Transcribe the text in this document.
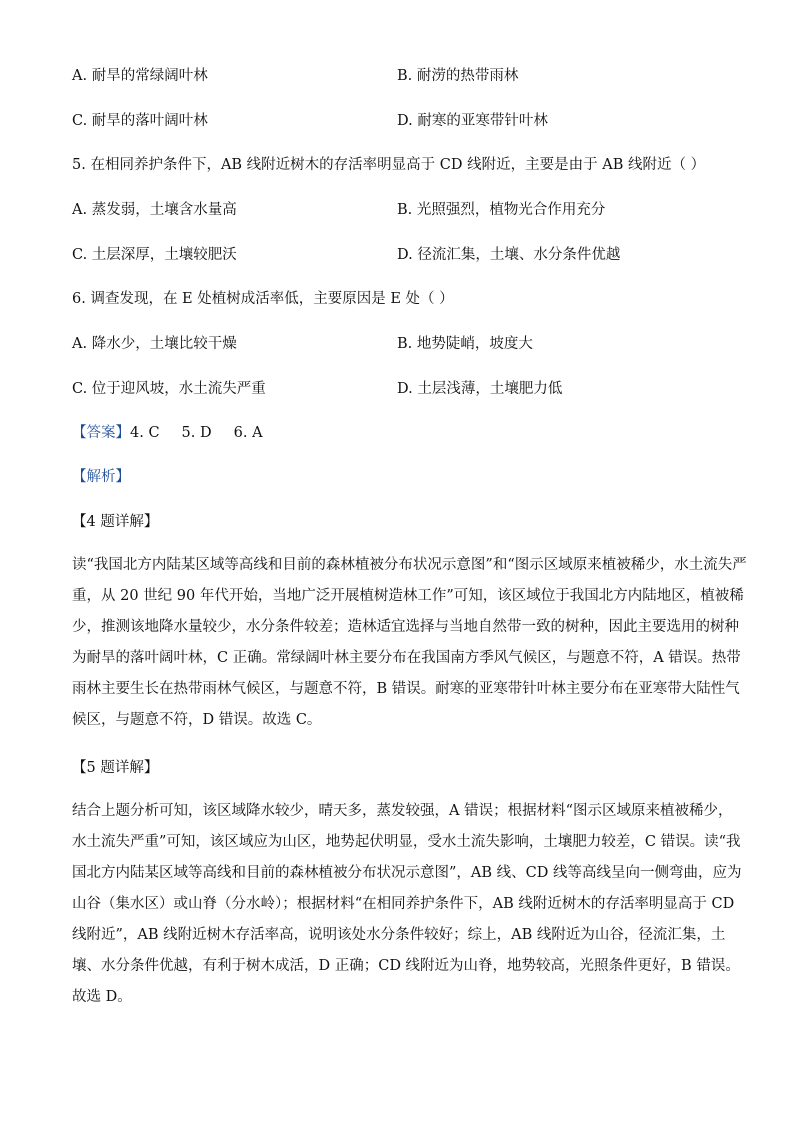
A. 耐旱的常绿阔叶林	B. 耐涝的热带雨林
C. 耐旱的落叶阔叶林	D. 耐寒的亚寒带针叶林
5. 在相同养护条件下，AB 线附近树木的存活率明显高于 CD 线附近，主要是由于 AB 线附近（ ）
A. 蒸发弱，土壤含水量高	B. 光照强烈，植物光合作用充分
C. 土层深厚，土壤较肥沃	D. 径流汇集，土壤、水分条件优越
6. 调查发现，在 E 处植树成活率低，主要原因是 E 处（ ）
A. 降水少，土壤比较干燥	B. 地势陡峭，坡度大
C. 位于迎风坡，水土流失严重	D. 土层浅薄，土壤肥力低
【答案】4. C 5. D 6. A
【解析】
【4 题详解】
读“我国北方内陆某区域等高线和目前的森林植被分布状况示意图”和“图示区域原来植被稀少，水土流失严
重，从 20 世纪 90 年代开始，当地广泛开展植树造林工作”可知，该区域位于我国北方内陆地区，植被稀
少，推测该地降水量较少，水分条件较差；造林适宜选择与当地自然带一致的树种，因此主要选用的树种
为耐旱的落叶阔叶林，C 正确。常绿阔叶林主要分布在我国南方季风气候区，与题意不符，A 错误。热带
雨林主要生长在热带雨林气候区，与题意不符，B 错误。耐寒的亚寒带针叶林主要分布在亚寒带大陆性气
候区，与题意不符，D 错误。故选 C。
【5 题详解】
结合上题分析可知，该区域降水较少，晴天多，蒸发较强，A 错误；根据材料“图示区域原来植被稀少，
水土流失严重”可知，该区域应为山区，地势起伏明显，受水土流失影响，土壤肥力较差，C 错误。读“我
国北方内陆某区域等高线和目前的森林植被分布状况示意图”，AB 线、CD 线等高线呈向一侧弯曲，应为
山谷（集水区）或山脊（分水岭）；根据材料“在相同养护条件下，AB 线附近树木的存活率明显高于 CD
线附近”，AB 线附近树木存活率高，说明该处水分条件较好；综上，AB 线附近为山谷，径流汇集，土
壤、水分条件优越，有利于树木成活，D 正确；CD 线附近为山脊，地势较高，光照条件更好，B 错误。
故选 D。
